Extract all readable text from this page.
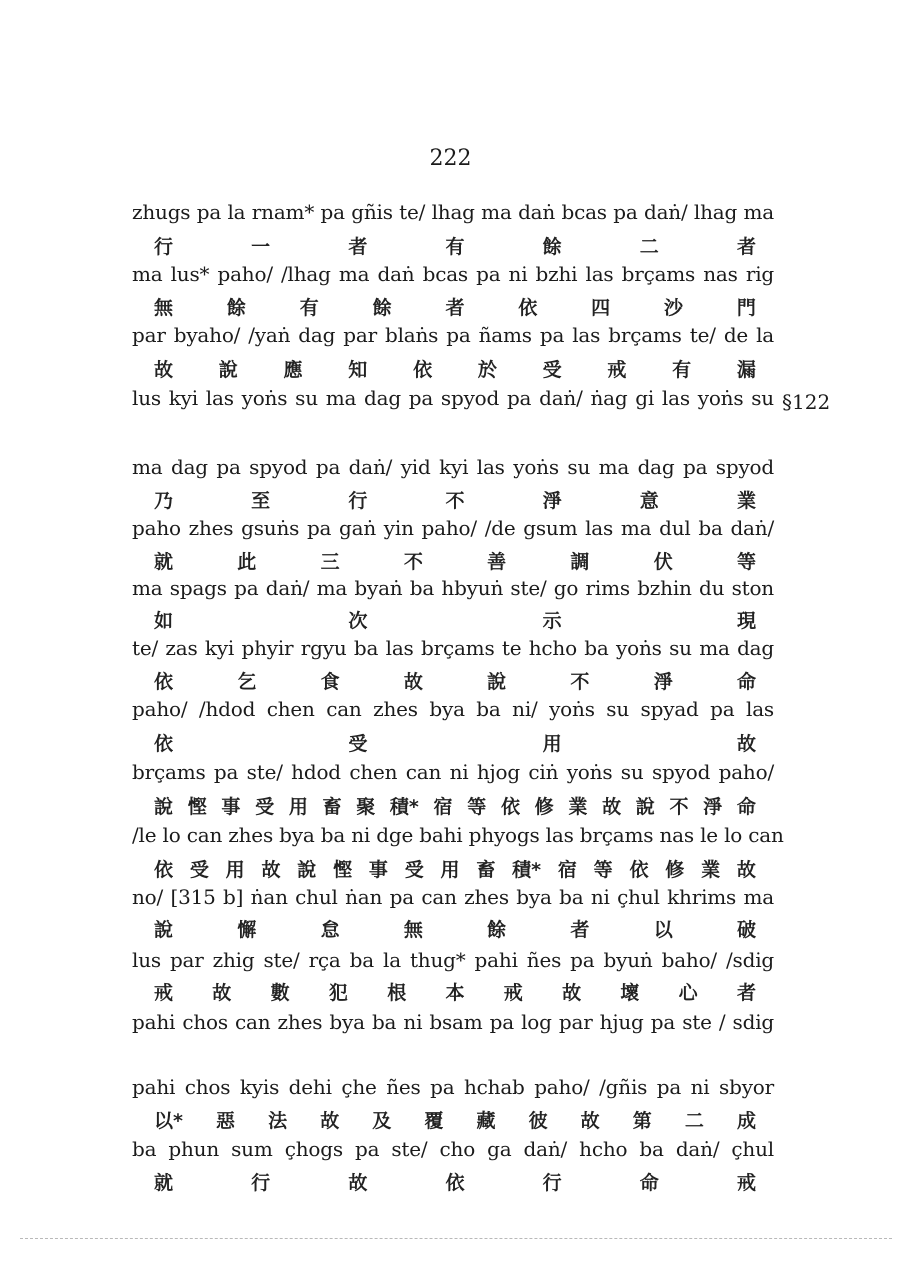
222
zhugs pa la rnam* pa gñis te/ lhag ma daṅ bcas pa daṅ/ lhag ma
行	一	者	有	餘	二	者
ma lus* paho/ /lhag ma daṅ bcas pa ni bzhi las brçams nas rig
無	餘	有	餘	者	依	四	沙	門
par byaho/ /yaṅ dag par blaṅs pa ñams pa las brçams te/ de la
故 說 應 知 依 於 受 戒 有 漏
lus kyi las yoṅs su ma dag pa spyod pa daṅ/ ṅag gi las yoṅs su
ma dag pa spyod pa daṅ/ yid kyi las yoṅs su ma dag pa spyod
乃	至	行	不	淨	意	業
paho zhes gsuṅs pa gaṅ yin paho/ /de gsum las ma dul ba daṅ/
就	此	三	不	善	調	伏	等
ma spags pa daṅ/ ma byaṅ ba hbyuṅ ste/ go rims bzhin du ston
如	次	示	現
te/ zas kyi phyir rgyu ba las brçams te hcho ba yoṅs su ma dag
依	乞	食	故	說	不	淨	命
paho/ /hdod chen can zhes bya ba ni/ yoṅs su spyad pa las
依	受	用	故
brçams pa ste/ hdod chen can ni hjog ciṅ yoṅs su spyod paho/
說 慳 事 受 用 畜 聚 積* 宿 等 依 修 業 故 說 不 淨 命
/le lo can zhes bya ba ni dge bahi phyogs las brçams nas le lo can
依 受 用 故 說 慳 事 受 用 畜 積* 宿 等 依 修 業 故
no/ [315 b] ṅan chul ṅan pa can zhes bya ba ni çhul khrims ma
說	懈	怠	無	餘	者	以	破
lus par zhig ste/ rça ba la thug* pahi ñes pa byuṅ baho/ /sdig
戒 故 數 犯 根 本 戒 故 壞 心 者
pahi chos can zhes bya ba ni bsam pa log par hjug pa ste / sdig
pahi chos kyis dehi çhe ñes pa hchab paho/ /gñis pa ni sbyor
以* 惡 法 故 及 覆 藏 彼 故 第 二 成
ba phun sum çhogs pa ste/ cho ga daṅ/ hcho ba daṅ/ çhul
就	行	故	依	行	命	戒
§122
